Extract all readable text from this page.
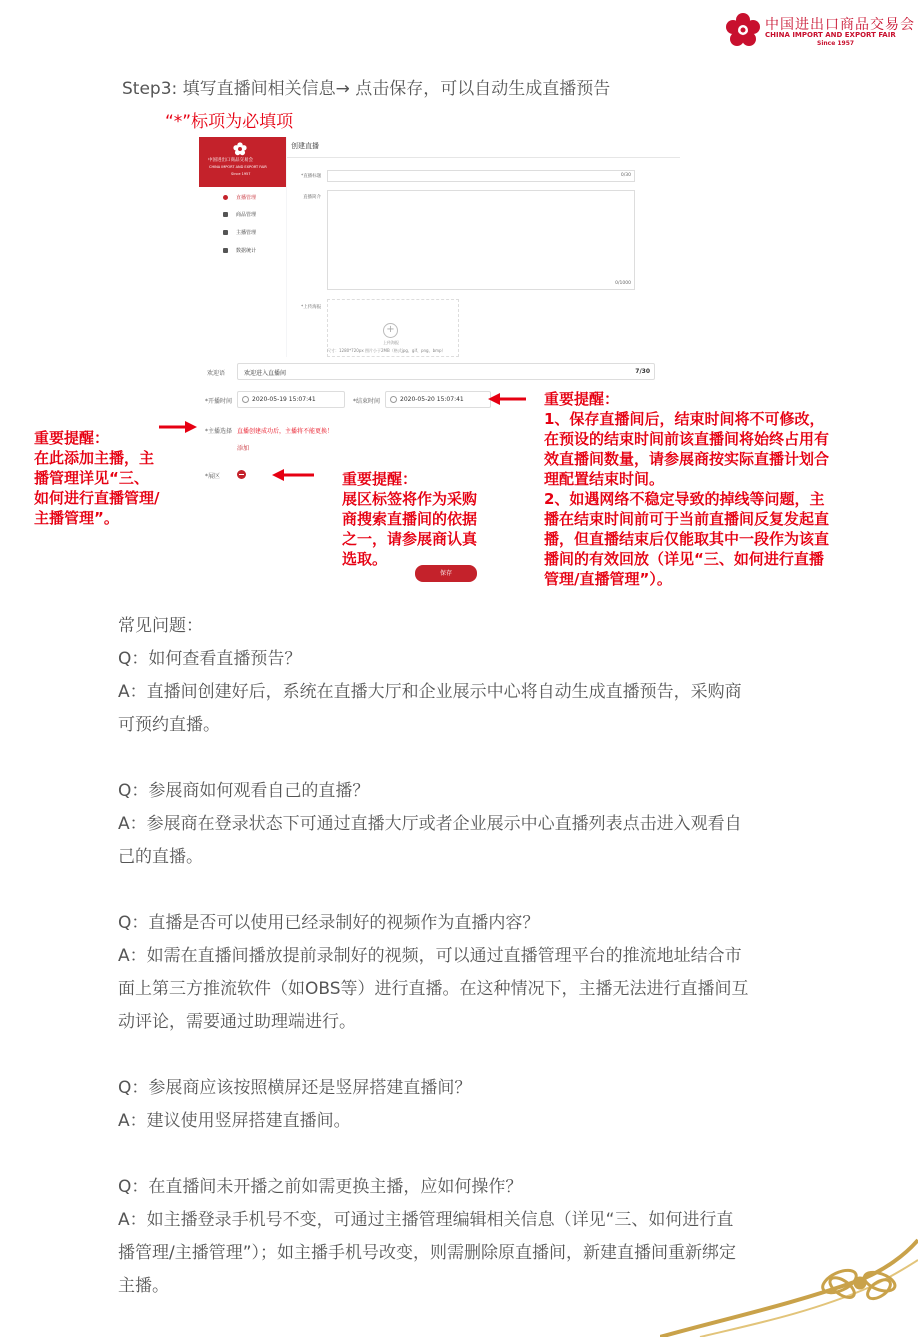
中国进出口商品交易会
CHINA IMPORT AND EXPORT FAIR
Since 1957
Step3: 填写直播间相关信息→ 点击保存，可以自动生成直播预告
“*”标项为必填项
中国进出口商品交易会
CHINA IMPORT AND EXPORT FAIR
Since 1957
直播管理
商品管理
主播管理
数据统计
创建直播
*直播标题	0/30
直播简介
0/1000
*上传海报
+
上传海报
尺寸：1280*720px 图片小于2MB（格式jpg、gif、png、bmp）
欢迎语	欢迎进入直播间	7/30
*开播时间	2020-05-19 15:07:41	*结束时间	2020-05-20 15:07:41
*主播选择 直播创建成功后，主播将不能更换！
添加
*展区
保存
重要提醒：
1、保存直播间后，结束时间将不可修改，
在预设的结束时间前该直播间将始终占用有
效直播间数量，请参展商按实际直播计划合
理配置结束时间。
2、如遇网络不稳定导致的掉线等问题，主
播在结束时间前可于当前直播间反复发起直
播，但直播结束后仅能取其中一段作为该直
播间的有效回放（详见“三、如何进行直播
管理/直播管理”）。
重要提醒：
在此添加主播，主
播管理详见“三、
如何进行直播管理/
主播管理”。
重要提醒：
展区标签将作为采购
商搜索直播间的依据
之一，请参展商认真
选取。

常见问题：

Q：如何查看直播预告？

A：直播间创建好后，系统在直播大厅和企业展示中心将自动生成直播预告，采购商

可预约直播。

Q：参展商如何观看自己的直播？

A：参展商在登录状态下可通过直播大厅或者企业展示中心直播列表点击进入观看自

己的直播。

Q：直播是否可以使用已经录制好的视频作为直播内容？

A：如需在直播间播放提前录制好的视频，可以通过直播管理平台的推流地址结合市

面上第三方推流软件（如OBS等）进行直播。在这种情况下，主播无法进行直播间互

动评论，需要通过助理端进行。

Q：参展商应该按照横屏还是竖屏搭建直播间？

A：建议使用竖屏搭建直播间。

Q：在直播间未开播之前如需更换主播，应如何操作？

A：如主播登录手机号不变，可通过主播管理编辑相关信息（详见“三、如何进行直

播管理/主播管理”）；如主播手机号改变，则需删除原直播间，新建直播间重新绑定

主播。
